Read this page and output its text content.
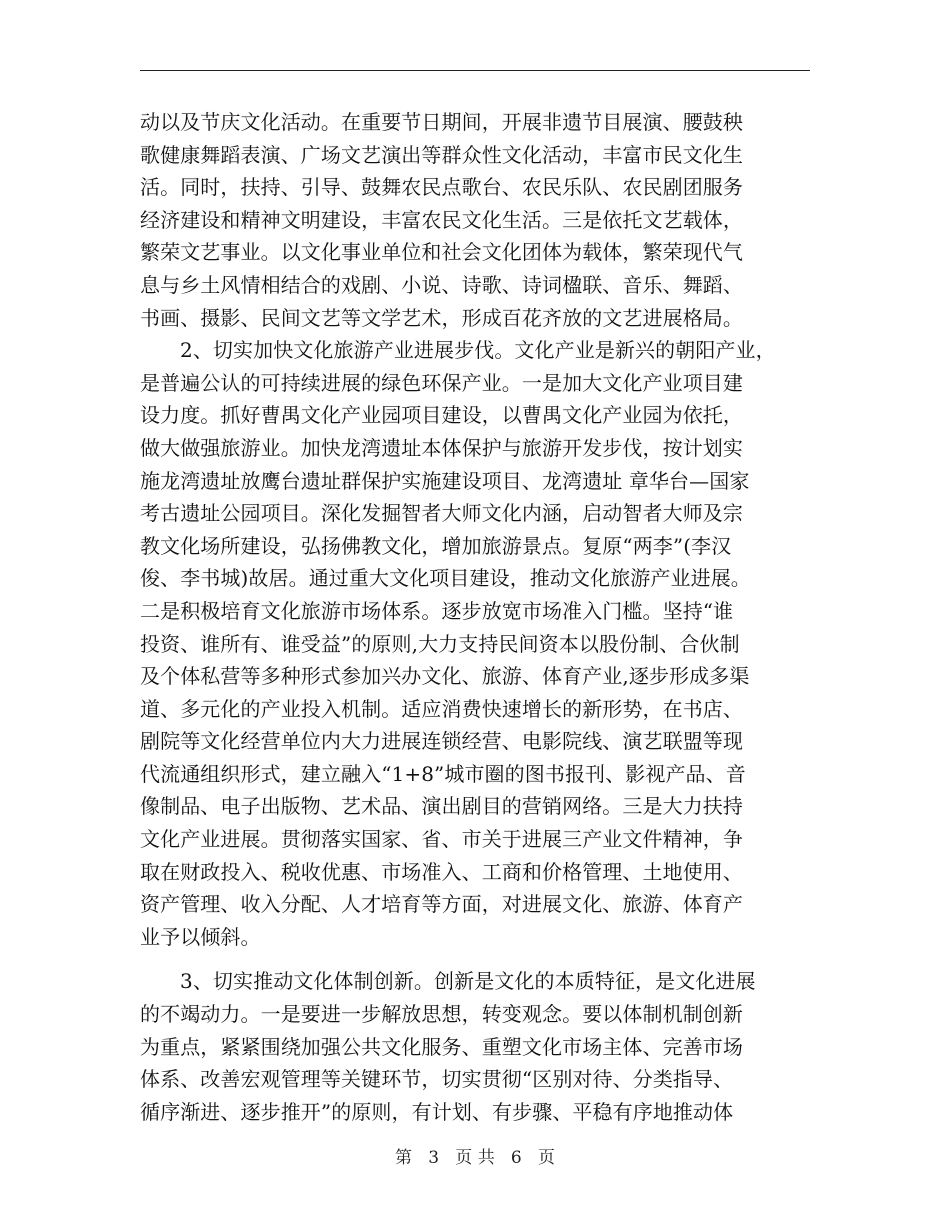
动以及节庆文化活动。在重要节日期间，开展非遗节目展演、腰鼓秧
歌健康舞蹈表演、广场文艺演出等群众性文化活动，丰富市民文化生
活。同时，扶持、引导、鼓舞农民点歌台、农民乐队、农民剧团服务
经济建设和精神文明建设，丰富农民文化生活。三是依托文艺载体，
繁荣文艺事业。以文化事业单位和社会文化团体为载体，繁荣现代气
息与乡土风情相结合的戏剧、小说、诗歌、诗词楹联、音乐、舞蹈、
书画、摄影、民间文艺等文学艺术，形成百花齐放的文艺进展格局。
2、切实加快文化旅游产业进展步伐。文化产业是新兴的朝阳产业，
是普遍公认的可持续进展的绿色环保产业。一是加大文化产业项目建
设力度。抓好曹禺文化产业园项目建设，以曹禺文化产业园为依托，
做大做强旅游业。加快龙湾遗址本体保护与旅游开发步伐，按计划实
施龙湾遗址放鹰台遗址群保护实施建设项目、龙湾遗址 章华台—国家
考古遗址公园项目。深化发掘智者大师文化内涵，启动智者大师及宗
教文化场所建设，弘扬佛教文化，增加旅游景点。复原“两李”(李汉
俊、李书城)故居。通过重大文化项目建设，推动文化旅游产业进展。
二是积极培育文化旅游市场体系。逐步放宽市场准入门槛。坚持“谁
投资、谁所有、谁受益”的原则,大力支持民间资本以股份制、合伙制
及个体私营等多种形式参加兴办文化、旅游、体育产业,逐步形成多渠
道、多元化的产业投入机制。适应消费快速增长的新形势，在书店、
剧院等文化经营单位内大力进展连锁经营、电影院线、演艺联盟等现
代流通组织形式，建立融入“1+8”城市圈的图书报刊、影视产品、音
像制品、电子出版物、艺术品、演出剧目的营销网络。三是大力扶持
文化产业进展。贯彻落实国家、省、市关于进展三产业文件精神，争
取在财政投入、税收优惠、市场准入、工商和价格管理、土地使用、
资产管理、收入分配、人才培育等方面，对进展文化、旅游、体育产
业予以倾斜。
3、切实推动文化体制创新。创新是文化的本质特征，是文化进展
的不竭动力。一是要进一步解放思想，转变观念。要以体制机制创新
为重点，紧紧围绕加强公共文化服务、重塑文化市场主体、完善市场
体系、改善宏观管理等关键环节，切实贯彻“区别对待、分类指导、
循序渐进、逐步推开”的原则，有计划、有步骤、平稳有序地推动体
第 3 页 共 6 页
